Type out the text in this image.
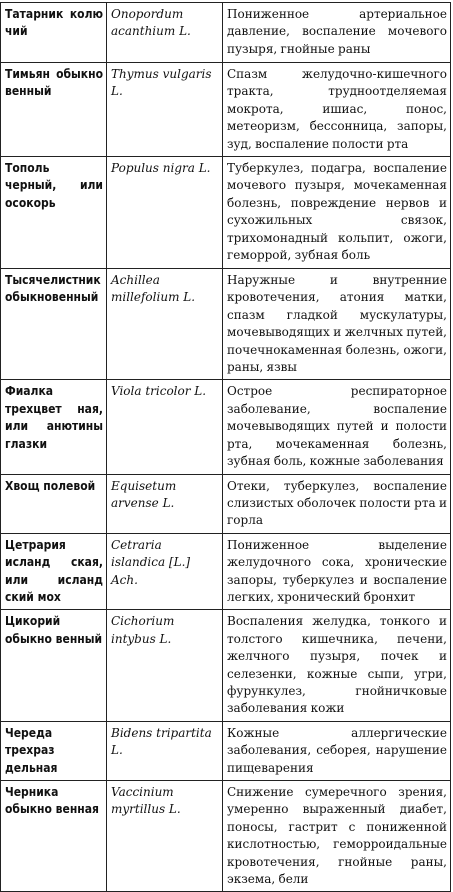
Татарник колю чий	Onopordum acanthium L.	Пониженное артериальное давление, воспаление мочевого пузыря, гнойные раны
Тимьян обыкно венный	Thymus vulgaris L.	Спазм желудочно-кишечного тракта, трудноотделяемая мокрота, ишиас, понос, метеоризм, бессонница, запоры, зуд, воспаление полости рта
Тополь черный, или осокорь	Populus nigra L.	Туберкулез, подагра, воспаление мочевого пузыря, мочекаменная болезнь, повреждение нервов и сухожильных связок, трихомонадный кольпит, ожоги, геморрой, зубная боль
Тысячелистник обыкновенный	Achillea millefolium L.	Наружные и внутренние кровотечения, атония матки, спазм гладкой мускулатуры, мочевыводящих и желчных путей, почечнокаменная болезнь, ожоги, раны, язвы
Фиалка трехцвет ная, или анютины глазки	Viola tricolor L.	Острое респираторное заболевание, воспаление мочевыводящих путей и полости рта, мочекаменная болезнь, зубная боль, кожные заболевания
Хвощ полевой	Equisetum arvense L.	Отеки, туберкулез, воспаление слизистых оболочек полости рта и горла
Цетрария исланд ская, или исланд ский мох	Cetraria islandica [L.] Ach.	Пониженное выделение желудочного сока, хронические запоры, туберкулез и воспаление легких, хронический бронхит
Цикорий обыкно венный	Cichorium intybus L.	Воспаления желудка, тонкого и толстого кишечника, печени, желчного пузыря, почек и селезенки, кожные сыпи, угри, фурункулез, гнойничковые заболевания кожи
Череда трехраз дельная	Bidens tripartita L.	Кожные аллергические заболевания, себорея, нарушение пищеварения
Черника обыкно венная	Vaccinium myrtillus L.	Снижение сумеречного зрения, умеренно выраженный диабет, поносы, гастрит с пониженной кислотностью, геморроидальные кровотечения, гнойные раны, экзема, бели
